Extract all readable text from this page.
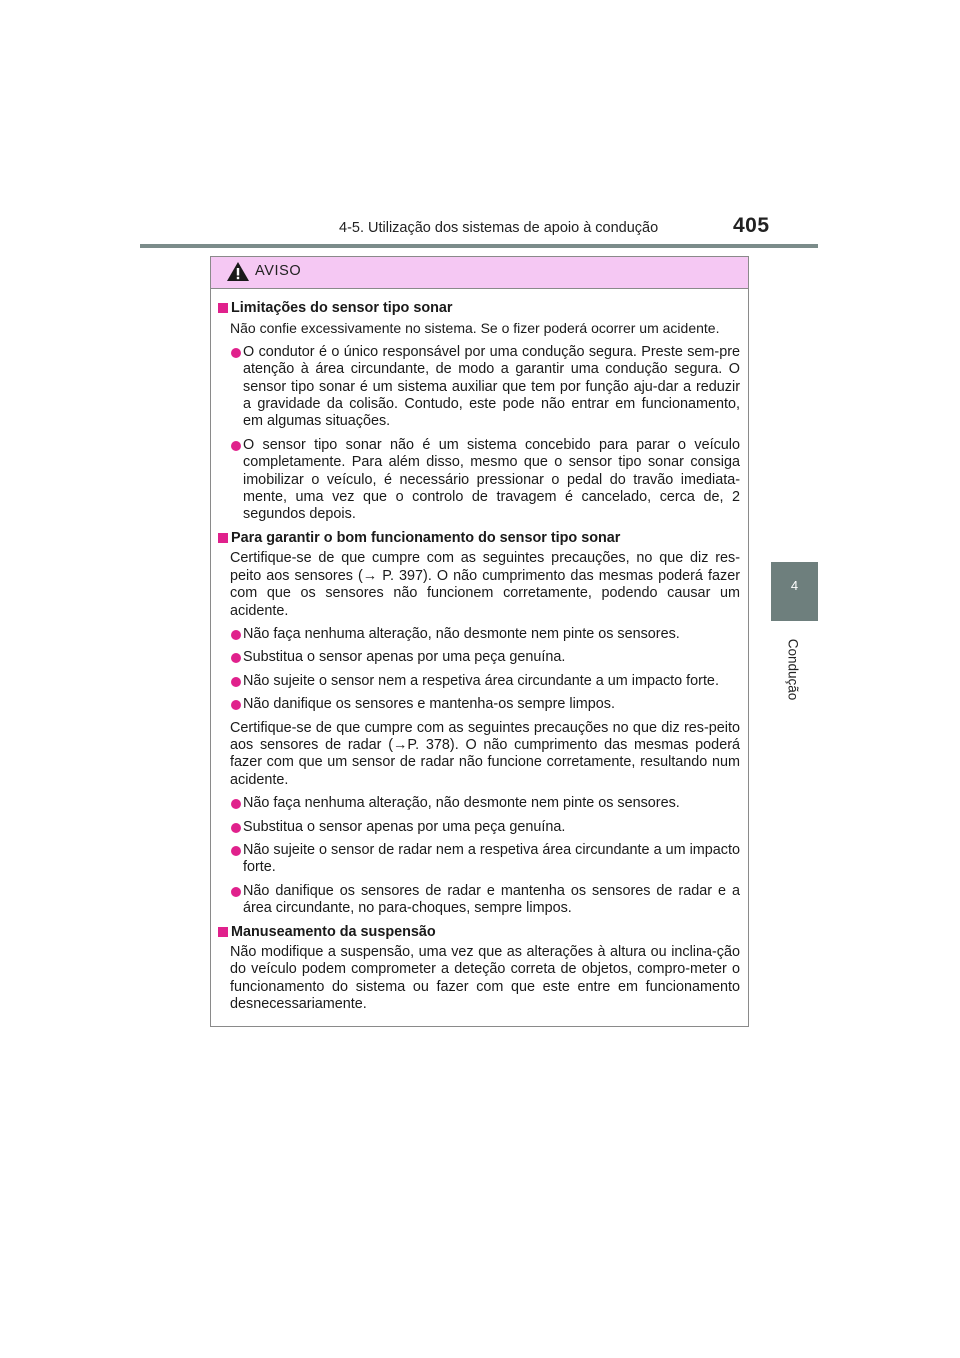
4-5. Utilização dos sistemas de apoio à condução	405
4
Condução
AVISO
Limitações do sensor tipo sonar
Não confie excessivamente no sistema. Se o fizer poderá ocorrer um acidente.
O condutor é o único responsável por uma condução segura. Preste sem-pre atenção à área circundante, de modo a garantir uma condução segura. O sensor tipo sonar é um sistema auxiliar que tem por função aju-dar a reduzir a gravidade da colisão. Contudo, este pode não entrar em funcionamento, em algumas situações.
O sensor tipo sonar não é um sistema concebido para parar o veículo completamente. Para além disso, mesmo que o sensor tipo sonar consiga imobilizar o veículo, é necessário pressionar o pedal do travão imediata-mente, uma vez que o controlo de travagem é cancelado, cerca de, 2 segundos depois.
Para garantir o bom funcionamento do sensor tipo sonar
Certifique-se de que cumpre com as seguintes precauções, no que diz res-peito aos sensores (→ P. 397). O não cumprimento das mesmas poderá fazer com que os sensores não funcionem corretamente, podendo causar um acidente.
Não faça nenhuma alteração, não desmonte nem pinte os sensores.
Substitua o sensor apenas por uma peça genuína.
Não sujeite o sensor nem a respetiva área circundante a um impacto forte.
Não danifique os sensores e mantenha-os sempre limpos.
Certifique-se de que cumpre com as seguintes precauções no que diz res-peito aos sensores de radar (→P. 378). O não cumprimento das mesmas poderá fazer com que um sensor de radar não funcione corretamente, resultando num acidente.
Não faça nenhuma alteração, não desmonte nem pinte os sensores.
Substitua o sensor apenas por uma peça genuína.
Não sujeite o sensor de radar nem a respetiva área circundante a um impacto forte.
Não danifique os sensores de radar e mantenha os sensores de radar e a área circundante, no para-choques, sempre limpos.
Manuseamento da suspensão
Não modifique a suspensão, uma vez que as alterações à altura ou inclina-ção do veículo podem comprometer a deteção correta de objetos, compro-meter o funcionamento do sistema ou fazer com que este entre em funcionamento desnecessariamente.
